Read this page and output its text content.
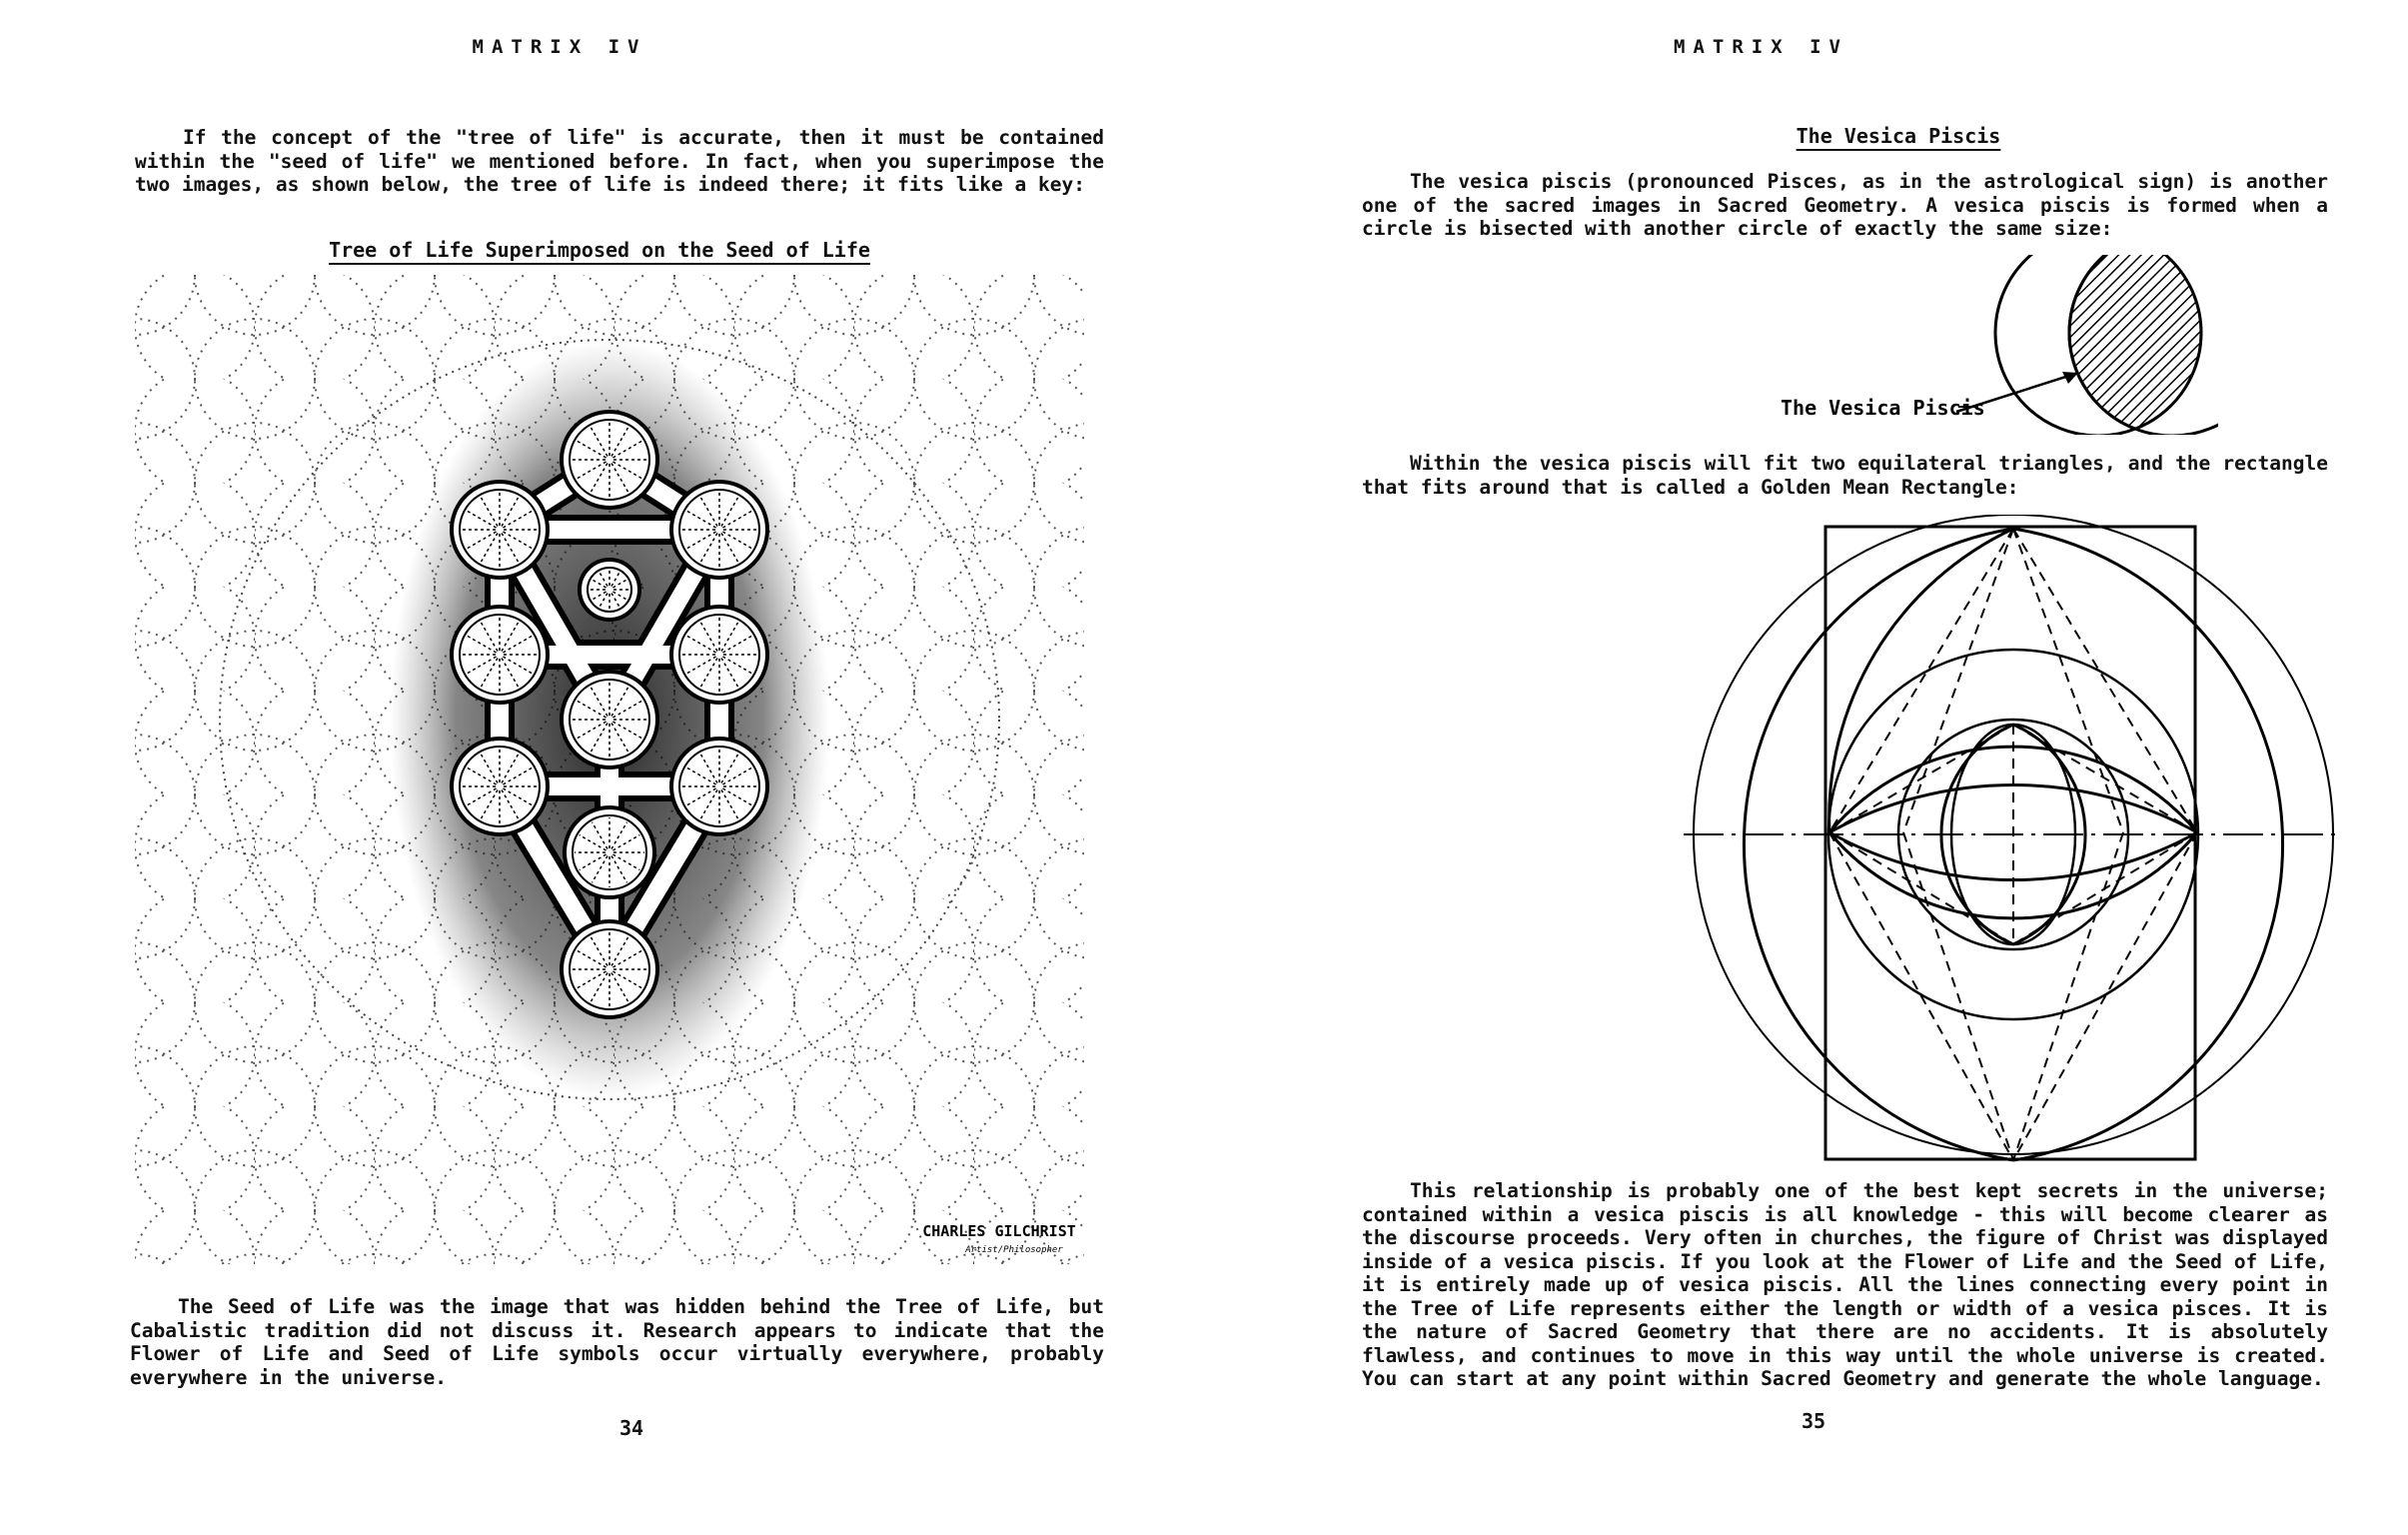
MATRIX IV

If the concept of the "tree of life" is accurate, then it must be contained within the "seed of life" we mentioned before. In fact, when you superimpose the two images, as shown below, the tree of life is indeed there; it fits like a key:

Tree of Life Superimposed on the Seed of Life
CHARLES GILCHRIST
Artist/Philosopher

The Seed of Life was the image that was hidden behind the Tree of Life, but Cabalistic tradition did not discuss it. Research appears to indicate that the Flower of Life and Seed of Life symbols occur virtually everywhere, probably everywhere in the universe.

34
MATRIX IV
The Vesica Piscis

The vesica piscis (pronounced Pisces, as in the astrological sign) is another one of the sacred images in Sacred Geometry. A vesica piscis is formed when a circle is bisected with another circle of exactly the same size:

The Vesica Piscis

Within the vesica piscis will fit two equilateral triangles, and the rectangle that fits around that is called a Golden Mean Rectangle:

This relationship is probably one of the best kept secrets in the universe; contained within a vesica piscis is all knowledge - this will become clearer as the discourse proceeds. Very often in churches, the figure of Christ was displayed inside of a vesica piscis. If you look at the Flower of Life and the Seed of Life, it is entirely made up of vesica piscis. All the lines connecting every point in the Tree of Life represents either the length or width of a vesica pisces. It is the nature of Sacred Geometry that there are no accidents. It is absolutely flawless, and continues to move in this way until the whole universe is created. You can start at any point within Sacred Geometry and generate the whole language.

35
